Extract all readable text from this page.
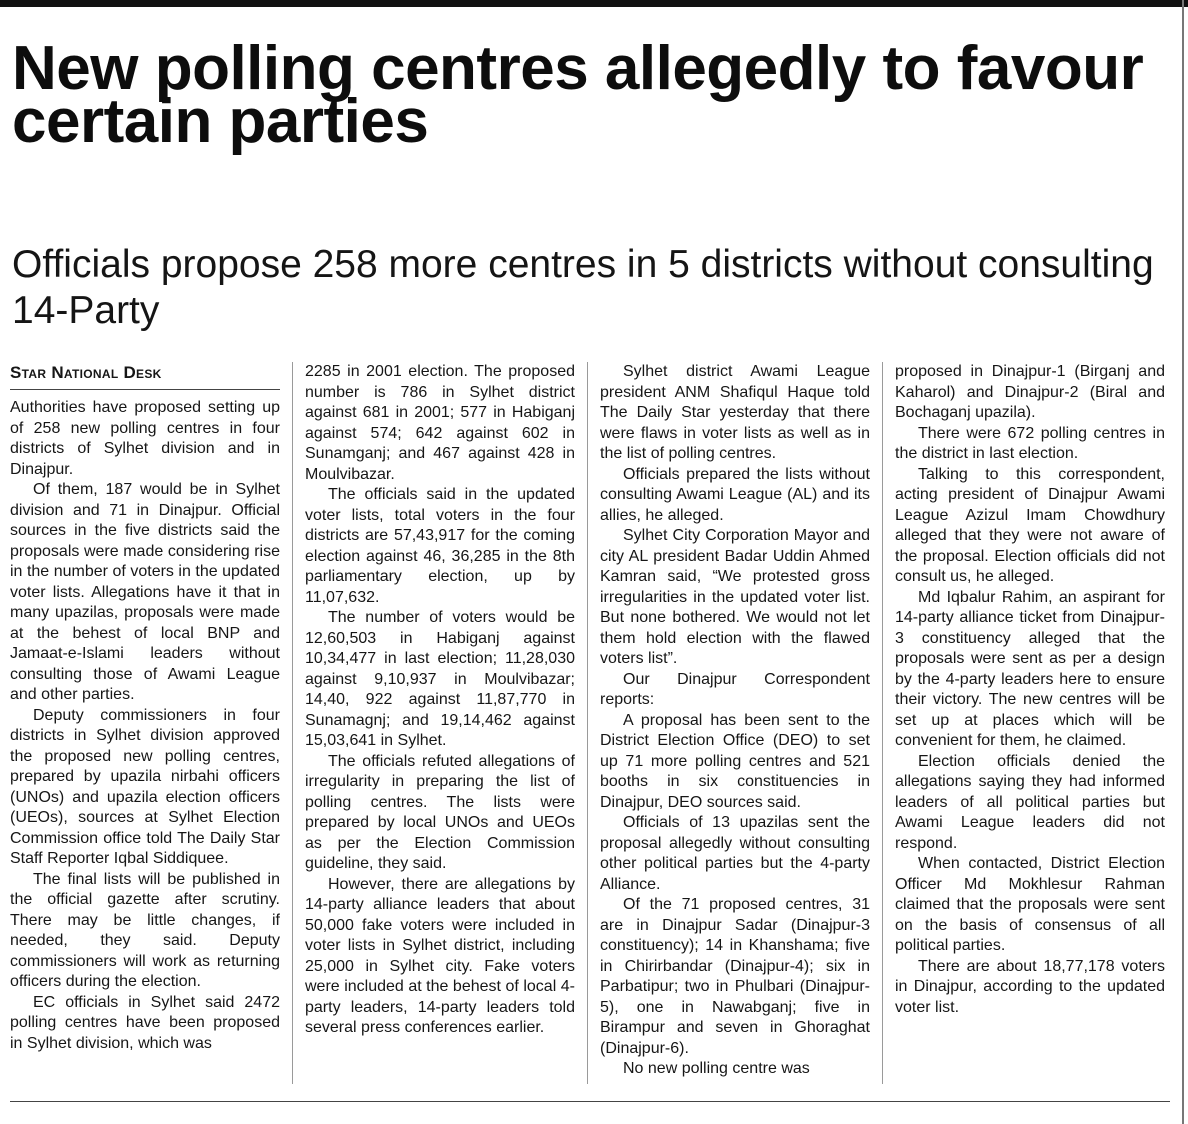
New polling centres allegedly to favour certain parties
Officials propose 258 more centres in 5 districts without consulting 14-Party
Star National Desk

Authorities have proposed setting up of 258 new polling centres in four districts of Sylhet division and in Dinajpur.

Of them, 187 would be in Sylhet division and 71 in Dinajpur. Official sources in the five districts said the proposals were made considering rise in the number of voters in the updated voter lists. Allegations have it that in many upazilas, proposals were made at the behest of local BNP and Jamaat-e-Islami leaders without consulting those of Awami League and other parties.

Deputy commissioners in four districts in Sylhet division approved the proposed new polling centres, prepared by upazila nirbahi officers (UNOs) and upazila election officers (UEOs), sources at Sylhet Election Commission office told The Daily Star Staff Reporter Iqbal Siddiquee.

The final lists will be published in the official gazette after scrutiny. There may be little changes, if needed, they said. Deputy commissioners will work as returning officers during the election.

EC officials in Sylhet said 2472 polling centres have been proposed in Sylhet division, which was

2285 in 2001 election. The proposed number is 786 in Sylhet district against 681 in 2001; 577 in Habiganj against 574; 642 against 602 in Sunamganj; and 467 against 428 in Moulvibazar.

The officials said in the updated voter lists, total voters in the four districts are 57,43,917 for the coming election against 46, 36,285 in the 8th parliamentary election, up by 11,07,632.

The number of voters would be 12,60,503 in Habiganj against 10,34,477 in last election; 11,28,030 against 9,10,937 in Moulvibazar; 14,40, 922 against 11,87,770 in Sunamagnj; and 19,14,462 against 15,03,641 in Sylhet.

The officials refuted allegations of irregularity in preparing the list of polling centres. The lists were prepared by local UNOs and UEOs as per the Election Commission guideline, they said.

However, there are allegations by 14-party alliance leaders that about 50,000 fake voters were included in voter lists in Sylhet district, including 25,000 in Sylhet city. Fake voters were included at the behest of local 4-party leaders, 14-party leaders told several press conferences earlier.

Sylhet district Awami League president ANM Shafiqul Haque told The Daily Star yesterday that there were flaws in voter lists as well as in the list of polling centres.

Officials prepared the lists without consulting Awami League (AL) and its allies, he alleged.

Sylhet City Corporation Mayor and city AL president Badar Uddin Ahmed Kamran said, “We protested gross irregularities in the updated voter list. But none bothered. We would not let them hold election with the flawed voters list”.

Our Dinajpur Correspondent reports:

A proposal has been sent to the District Election Office (DEO) to set up 71 more polling centres and 521 booths in six constituencies in Dinajpur, DEO sources said.

Officials of 13 upazilas sent the proposal allegedly without consulting other political parties but the 4-party Alliance.

Of the 71 proposed centres, 31 are in Dinajpur Sadar (Dinajpur-3 constituency); 14 in Khanshama; five in Chirirbandar (Dinajpur-4); six in Parbatipur; two in Phulbari (Dinajpur-5), one in Nawabganj; five in Birampur and seven in Ghoraghat (Dinajpur-6).

No new polling centre was

proposed in Dinajpur-1 (Birganj and Kaharol) and Dinajpur-2 (Biral and Bochaganj upazila).

There were 672 polling centres in the district in last election.

Talking to this correspondent, acting president of Dinajpur Awami League Azizul Imam Chowdhury alleged that they were not aware of the proposal. Election officials did not consult us, he alleged.

Md Iqbalur Rahim, an aspirant for 14-party alliance ticket from Dinajpur-3 constituency alleged that the proposals were sent as per a design by the 4-party leaders here to ensure their victory. The new centres will be set up at places which will be convenient for them, he claimed.

Election officials denied the allegations saying they had informed leaders of all political parties but Awami League leaders did not respond.

When contacted, District Election Officer Md Mokhlesur Rahman claimed that the proposals were sent on the basis of consensus of all political parties.

There are about 18,77,178 voters in Dinajpur, according to the updated voter list.
